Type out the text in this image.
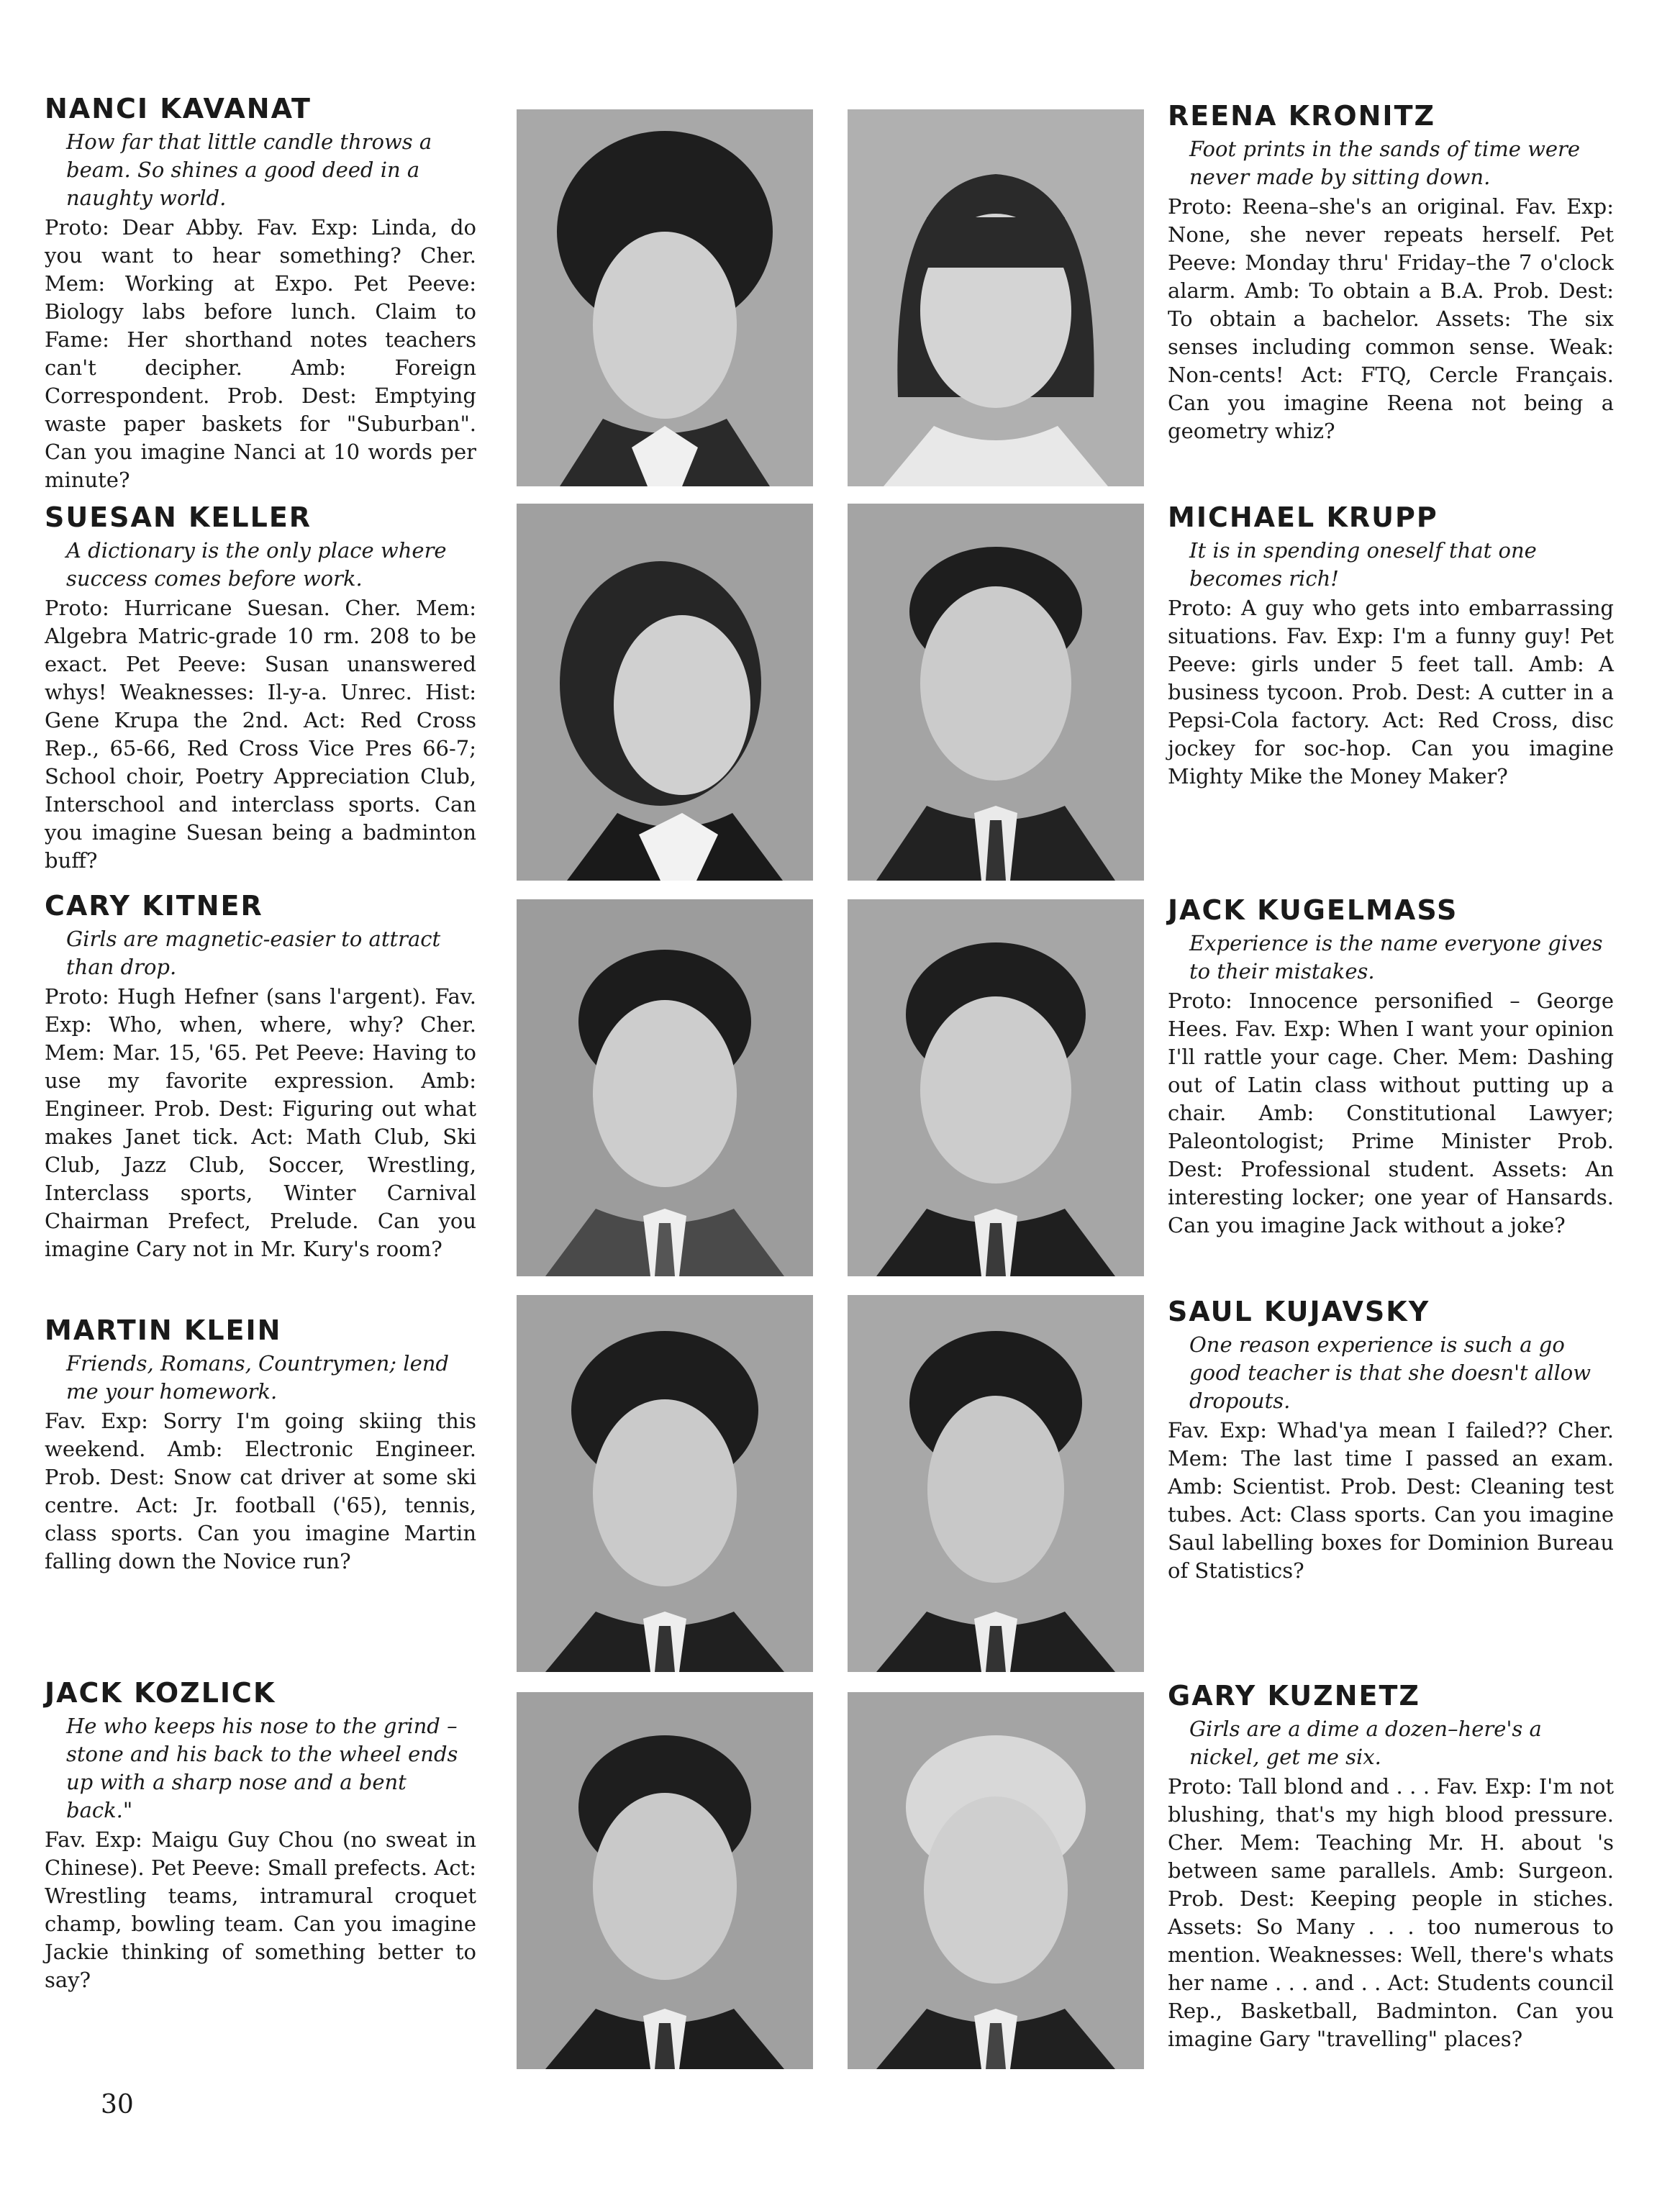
NANCI KAVANAT

How far that little candle throws a beam. So shines a good deed in a naughty world.

Proto: Dear Abby. Fav. Exp: Linda, do you want to hear something? Cher. Mem: Working at Expo. Pet Peeve: Biology labs before lunch. Claim to Fame: Her shorthand notes teachers can't decipher. Amb: Foreign Correspondent. Prob. Dest: Emptying waste paper baskets for "Suburban". Can you imagine Nanci at 10 words per minute?

SUESAN KELLER

A dictionary is the only place where success comes before work.

Proto: Hurricane Suesan. Cher. Mem: Algebra Matric-grade 10 rm. 208 to be exact. Pet Peeve: Susan unanswered whys! Weaknesses: Il-y-a. Unrec. Hist: Gene Krupa the 2nd. Act: Red Cross Rep., 65-66, Red Cross Vice Pres 66-7; School choir, Poetry Appreciation Club, Interschool and interclass sports. Can you imagine Suesan being a badminton buff?

CARY KITNER

Girls are magnetic-easier to attract than drop.

Proto: Hugh Hefner (sans l'argent). Fav. Exp: Who, when, where, why? Cher. Mem: Mar. 15, '65. Pet Peeve: Having to use my favorite expression. Amb: Engineer. Prob. Dest: Figuring out what makes Janet tick. Act: Math Club, Ski Club, Jazz Club, Soccer, Wrestling, Interclass sports, Winter Carnival Chairman Prefect, Prelude. Can you imagine Cary not in Mr. Kury's room?

MARTIN KLEIN

Friends, Romans, Countrymen; lend me your homework.

Fav. Exp: Sorry I'm going skiing this weekend. Amb: Electronic Engineer. Prob. Dest: Snow cat driver at some ski centre. Act: Jr. football ('65), tennis, class sports. Can you imagine Martin falling down the Novice run?

JACK KOZLICK

He who keeps his nose to the grind –stone and his back to the wheel ends up with a sharp nose and a bent back."

Fav. Exp: Maigu Guy Chou (no sweat in Chinese). Pet Peeve: Small prefects. Act: Wrestling teams, intramural croquet champ, bowling team. Can you imagine Jackie thinking of something better to say?

REENA KRONITZ

Foot prints in the sands of time were never made by sitting down.

Proto: Reena–she's an original. Fav. Exp: None, she never repeats herself. Pet Peeve: Monday thru' Friday–the 7 o'clock alarm. Amb: To obtain a B.A. Prob. Dest: To obtain a bachelor. Assets: The six senses including common sense. Weak: Non-cents! Act: FTQ, Cercle Français. Can you imagine Reena not being a geometry whiz?

MICHAEL KRUPP

It is in spending oneself that one becomes rich!

Proto: A guy who gets into embarrassing situations. Fav. Exp: I'm a funny guy! Pet Peeve: girls under 5 feet tall. Amb: A business tycoon. Prob. Dest: A cutter in a Pepsi-Cola factory. Act: Red Cross, disc jockey for soc-hop. Can you imagine Mighty Mike the Money Maker?

JACK KUGELMASS

Experience is the name everyone gives to their mistakes.

Proto: Innocence personified – George Hees. Fav. Exp: When I want your opinion I'll rattle your cage. Cher. Mem: Dashing out of Latin class without putting up a chair. Amb: Constitutional Lawyer; Paleontologist; Prime Minister Prob. Dest: Professional student. Assets: An interesting locker; one year of Hansards. Can you imagine Jack without a joke?

SAUL KUJAVSKY

One reason experience is such a go good teacher is that she doesn't allow dropouts.

Fav. Exp: Whad'ya mean I failed?? Cher. Mem: The last time I passed an exam. Amb: Scientist. Prob. Dest: Cleaning test tubes. Act: Class sports. Can you imagine Saul labelling boxes for Dominion Bureau of Statistics?

GARY KUZNETZ

Girls are a dime a dozen–here's a nickel, get me six.

Proto: Tall blond and . . . Fav. Exp: I'm not blushing, that's my high blood pressure. Cher. Mem: Teaching Mr. H. about 's between same parallels. Amb: Surgeon. Prob. Dest: Keeping people in stiches. Assets: So Many . . . too numerous to mention. Weaknesses: Well, there's whats her name . . . and . . Act: Students council Rep., Basketball, Badminton. Can you imagine Gary "travelling" places?

30
